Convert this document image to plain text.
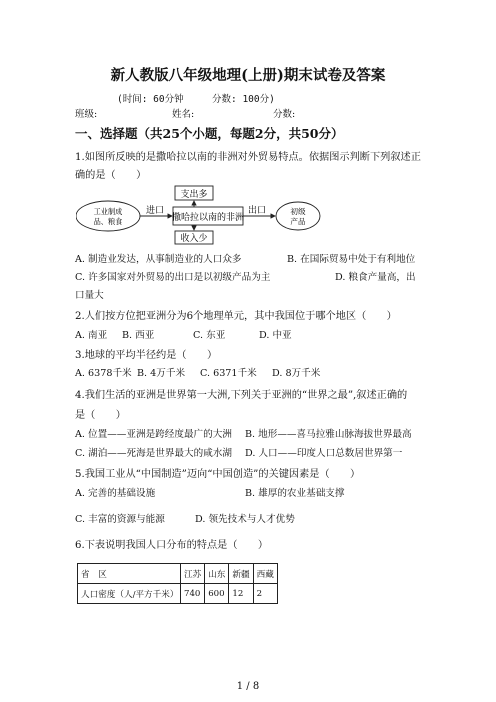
新人教版八年级地理(上册)期末试卷及答案
(时间: 60分钟	分数: 100分)
班级:	姓名:	分数:
一、选择题（共25个小题，每题2分，共50分）
1.如图所反映的是撒哈拉以南的非洲对外贸易特点。依据图示判断下列叙述正
确的是（　　）
工业制成
品、粮食
进口
撒哈拉以南的非洲
支出多
收入少
出口	初级
产品
A. 制造业发达，从事制造业的人口众多	B. 在国际贸易中处于有利地位
C. 许多国家对外贸易的出口是以初级产品为主	D. 粮食产量高，出
口量大
2.人们按方位把亚洲分为6个地理单元，其中我国位于哪个地区（　　）
A. 南亚 B. 西亚	C. 东亚	D. 中亚
3.地球的平均半径约是（　　）
A. 6378千米 B. 4万千米 C. 6371千米 D. 8万千米
4.我们生活的亚洲是世界第一大洲,下列关于亚洲的“世界之最”,叙述正确的
是（　　）
A. 位置——亚洲是跨经度最广的大洲 B. 地形——喜马拉雅山脉海拔世界最高
C. 湖泊——死海是世界最大的咸水湖 D. 人口——印度人口总数居世界第一
5.我国工业从“中国制造”迈向“中国创造”的关键因素是（　　）
A. 完善的基础设施	B. 雄厚的农业基础支撑
C. 丰富的资源与能源	D. 领先技术与人才优势
6.下表说明我国人口分布的特点是（　　）
省　区	江苏	山东	新疆	西藏
人口密度（人/平方千米）	740	600	12	2
1 / 8
